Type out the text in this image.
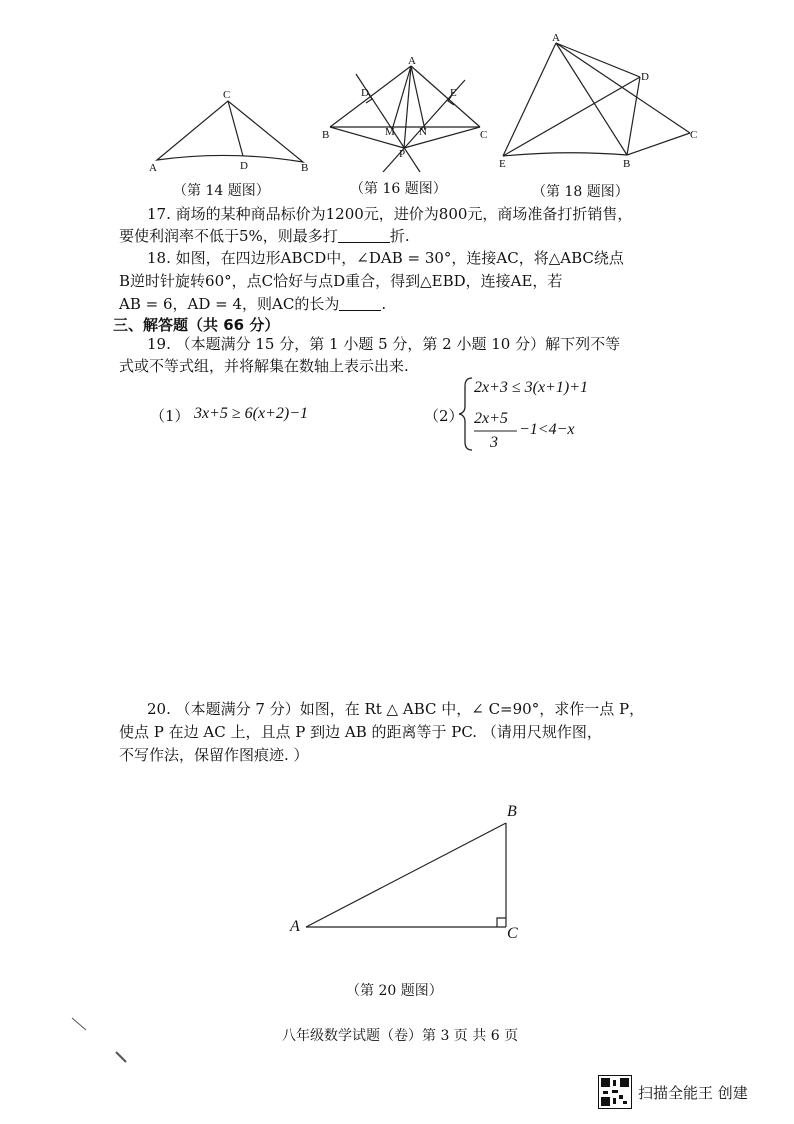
C
A	D	B
（第 14 题图）
A
D	E
B	C
M N
P
（第 16 题图）
A
D
C
E	B
（第 18 题图）
17. 商场的某种商品标价为1200元，进价为800元，商场准备打折销售，
要使利润率不低于5%，则最多打	折.
18. 如图，在四边形ABCD中，∠DAB = 30°，连接AC，将△ABC绕点
B逆时针旋转60°，点C恰好与点D重合，得到△EBD，连接AE，若
AB = 6，AD = 4，则AC的长为	.
三、解答题（共 66 分）
19. （本题满分 15 分，第 1 小题 5 分，第 2 小题 10 分）解下列不等
式或不等式组，并将解集在数轴上表示出来.
（1） 3x+5 ≥ 6(x+2)−1	（2）
2x+3 ≤ 3(x+1)+1
2x+5
3
−1<4−x
20. （本题满分 7 分）如图，在 Rt △ ABC 中，∠ C=90°，求作一点 P，
使点 P 在边 AC 上，且点 P 到边 AB 的距离等于 PC. （请用尺规作图，
不写作法，保留作图痕迹. ）
B
A	C
（第 20 题图）
八年级数学试题（卷）第 3 页 共 6 页
扫描全能王 创建
